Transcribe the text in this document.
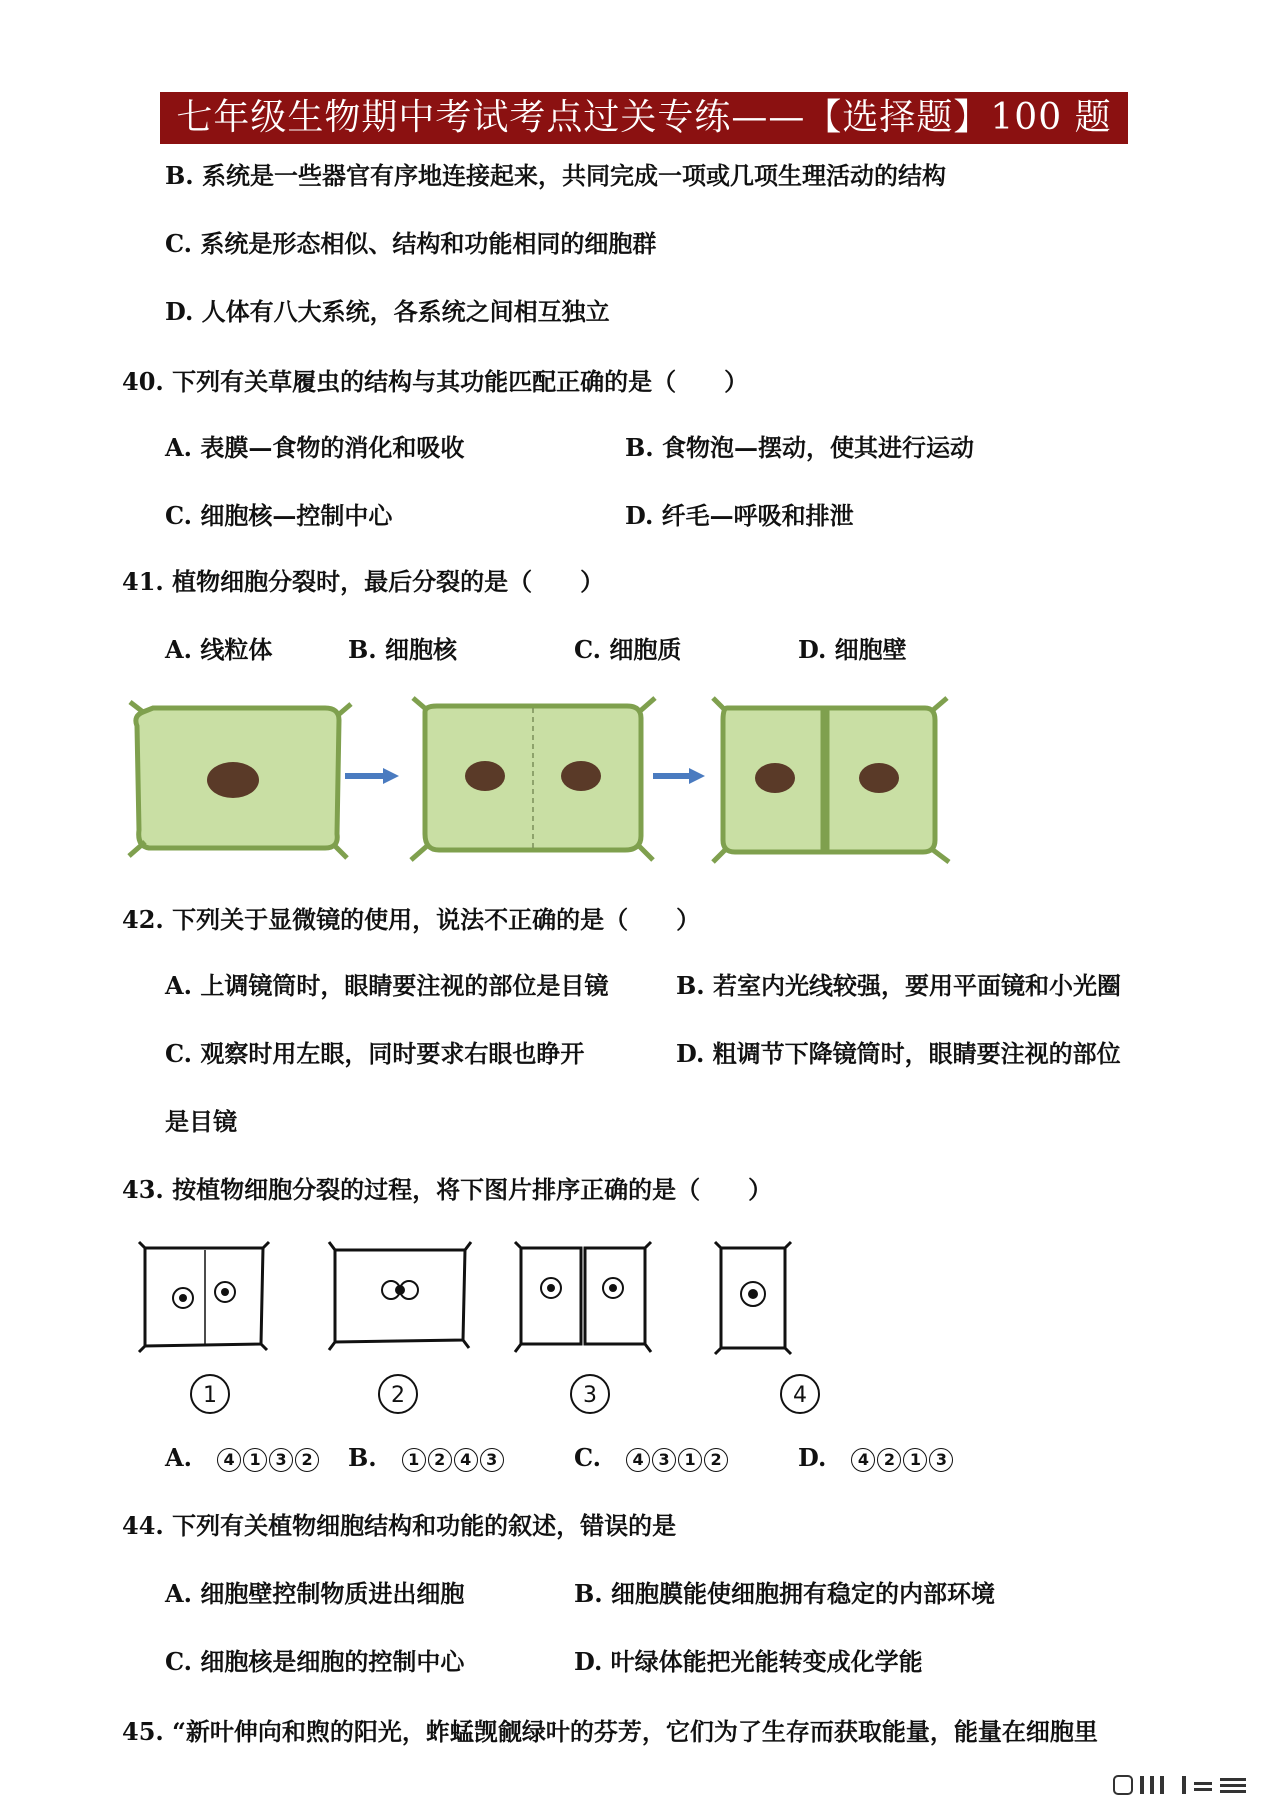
七年级生物期中考试考点过关专练——【选择题】100 题
B. 系统是一些器官有序地连接起来，共同完成一项或几项生理活动的结构
C. 系统是形态相似、结构和功能相同的细胞群
D. 人体有八大系统，各系统之间相互独立
40. 下列有关草履虫的结构与其功能匹配正确的是（　　）
A. 表膜—食物的消化和吸收	B. 食物泡—摆动，使其进行运动
C. 细胞核—控制中心	D. 纤毛—呼吸和排泄
41. 植物细胞分裂时，最后分裂的是（　　）
A. 线粒体	B. 细胞核	C. 细胞质	D. 细胞壁
42. 下列关于显微镜的使用，说法不正确的是（　　）
A. 上调镜筒时，眼睛要注视的部位是目镜	B. 若室内光线较强，要用平面镜和小光圈
C. 观察时用左眼，同时要求右眼也睁开	D. 粗调节下降镜筒时，眼睛要注视的部位
是目镜
43. 按植物细胞分裂的过程，将下图片排序正确的是（　　）
1	2	3	4
A. 4 1 3 2	B. 1 2 4 3	C. 4 3 1 2	D. 4 2 1 3
44. 下列有关植物细胞结构和功能的叙述，错误的是
A. 细胞壁控制物质进出细胞	B. 细胞膜能使细胞拥有稳定的内部环境
C. 细胞核是细胞的控制中心	D. 叶绿体能把光能转变成化学能
45. “新叶伸向和煦的阳光，蚱蜢觊觎绿叶的芬芳，它们为了生存而获取能量，能量在细胞里
